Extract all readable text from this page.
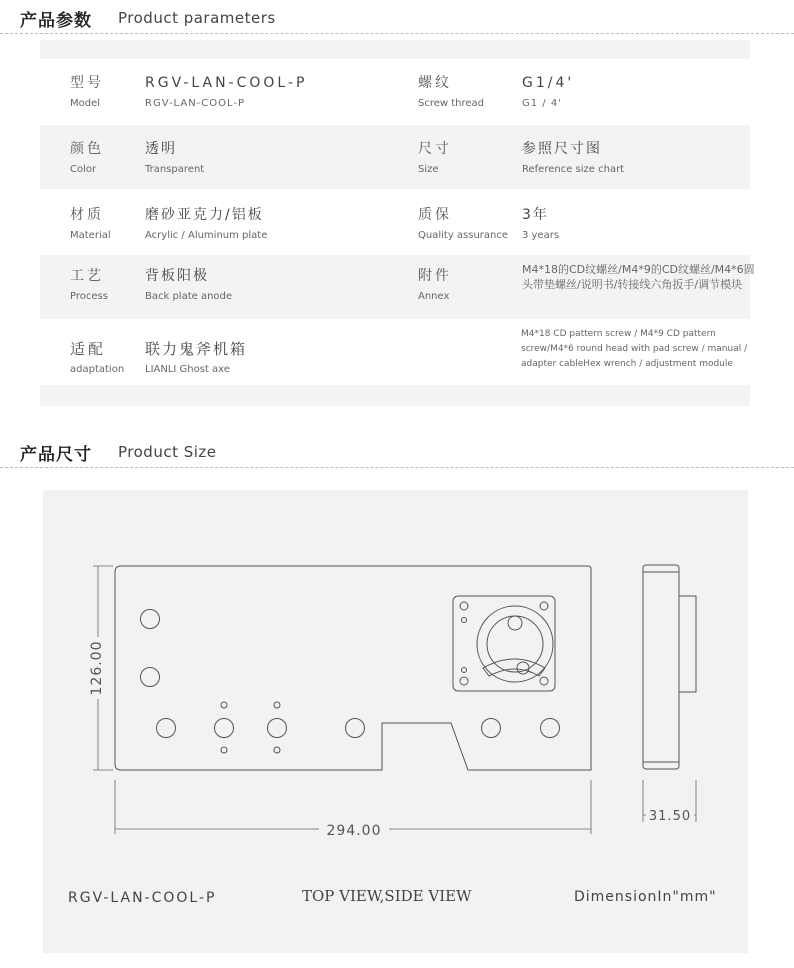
产品参数 Product parameters
型号
Model
RGV-LAN-COOL-P
RGV-LAN-COOL-P
螺纹
Screw thread
G1/4'
G1 / 4'
颜色
Color
透明
Transparent
尺寸
Size
参照尺寸图
Reference size chart
材质
Material
磨砂亚克力/铝板
Acrylic / Aluminum plate
质保
Quality assurance
3年
3 years
工艺
Process
背板阳极
Back plate anode
附件
Annex
M4*18的CD纹螺丝/M4*9的CD纹螺丝/M4*6圆头带垫螺丝/说明书/转接线六角扳手/调节模块
M4*18 CD pattern screw / M4*9 CD pattern screw/M4*6 round head with pad screw / manual / adapter cableHex wrench / adjustment module
适配
adaptation
联力鬼斧机箱
LIANLI Ghost axe
产品尺寸 Product Size
126.00
294.00
31.50
RGV-LAN-COOL-P	TOP VIEW,SIDE VIEW	DimensionIn"mm"
